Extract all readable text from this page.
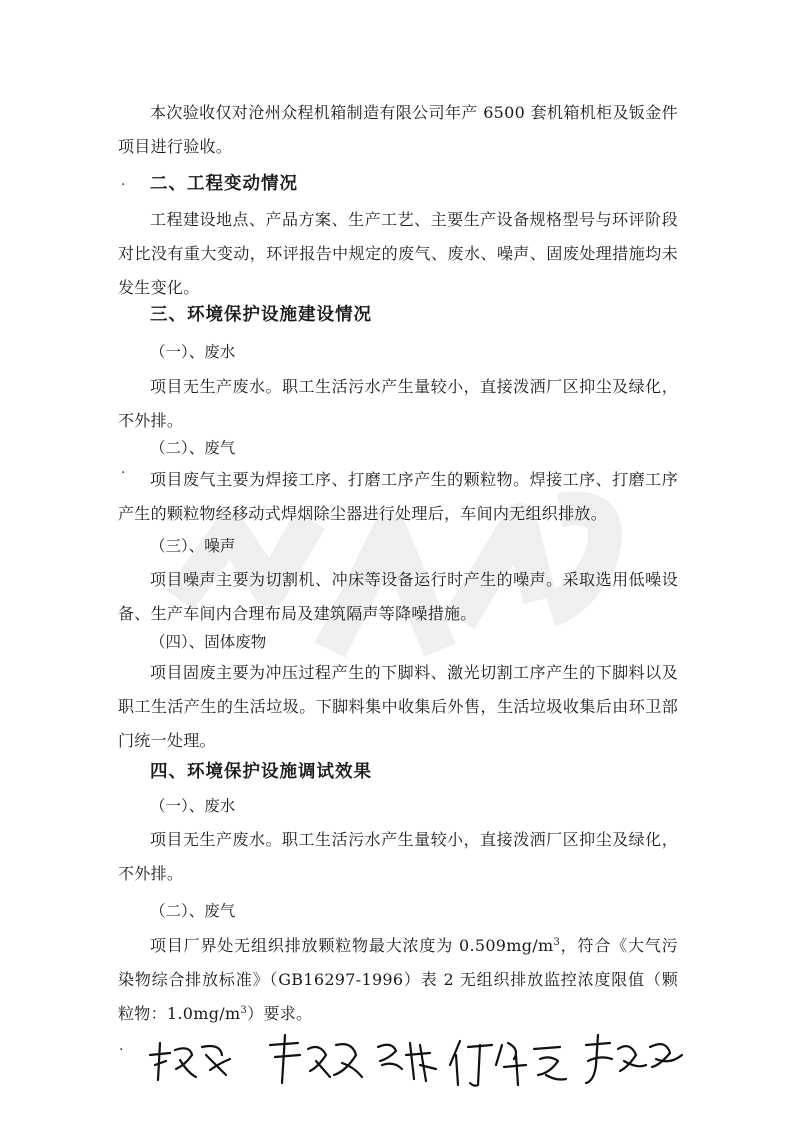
本次验收仅对沧州众程机箱制造有限公司年产 6500 套机箱机柜及钣金件项目进行验收。

· 二、工程变动情况

工程建设地点、产品方案、生产工艺、主要生产设备规格型号与环评阶段对比没有重大变动，环评报告中规定的废气、废水、噪声、固废处理措施均未发生变化。

三、环境保护设施建设情况

（一）、废水

项目无生产废水。职工生活污水产生量较小，直接泼洒厂区抑尘及绿化，不外排。

（二）、废气

·	项目废气主要为焊接工序、打磨工序产生的颗粒物。焊接工序、打磨工序产生的颗粒物经移动式焊烟除尘器进行处理后，车间内无组织排放。

（三）、噪声

项目噪声主要为切割机、冲床等设备运行时产生的噪声。采取选用低噪设备、生产车间内合理布局及建筑隔声等降噪措施。

（四）、固体废物

项目固废主要为冲压过程产生的下脚料、激光切割工序产生的下脚料以及职工生活产生的生活垃圾。下脚料集中收集后外售，生活垃圾收集后由环卫部门统一处理。

四、环境保护设施调试效果

（一）、废水

项目无生产废水。职工生活污水产生量较小，直接泼洒厂区抑尘及绿化，不外排。

（二）、废气

项目厂界处无组织排放颗粒物最大浓度为 $0.509mg/m^3$，符合《大气污染物综合排放标准》（GB16297-1996）表 2 无组织排放监控浓度限值（颗粒物：$1.0mg/m^3$）要求。

·
